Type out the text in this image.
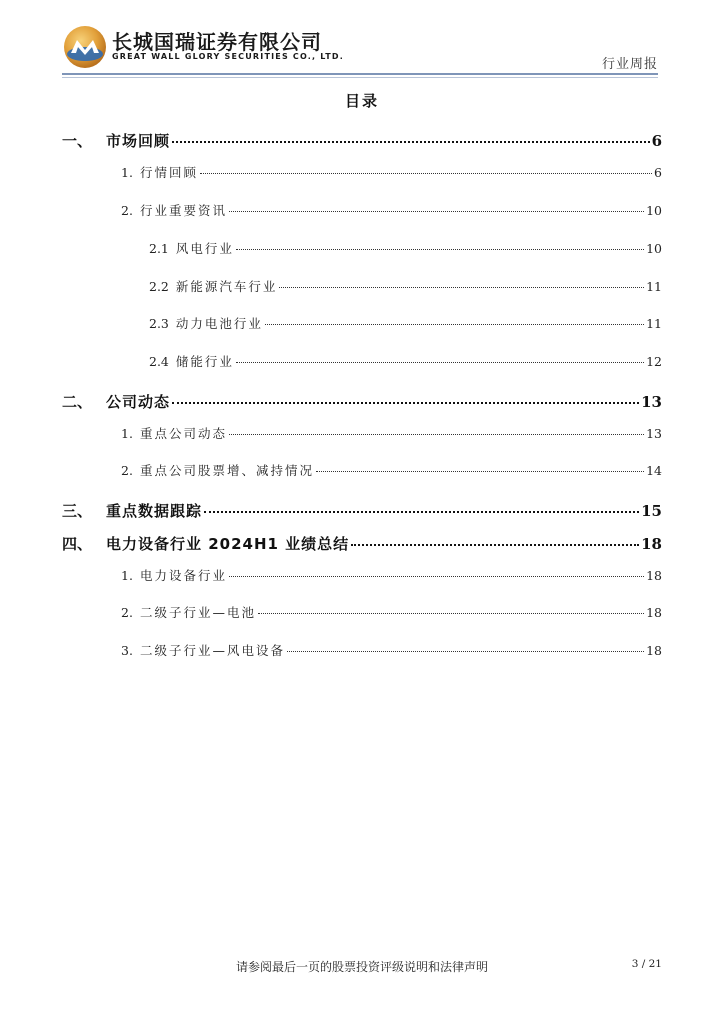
长城国瑞证券有限公司
GREAT WALL GLORY SECURITIES CO., LTD.
行业周报
目录
一、 市场回顾	6
1. 行情回顾	6
2. 行业重要资讯	10
2.1 风电行业	10
2.2 新能源汽车行业	11
2.3 动力电池行业	11
2.4 储能行业	12
二、 公司动态	13
1. 重点公司动态	13
2. 重点公司股票增、减持情况	14
三、 重点数据跟踪	15
四、 电力设备行业 2024H1 业绩总结	18
1. 电力设备行业	18
2. 二级子行业—电池	18
3. 二级子行业—风电设备	18
请参阅最后一页的股票投资评级说明和法律声明	3 / 21
